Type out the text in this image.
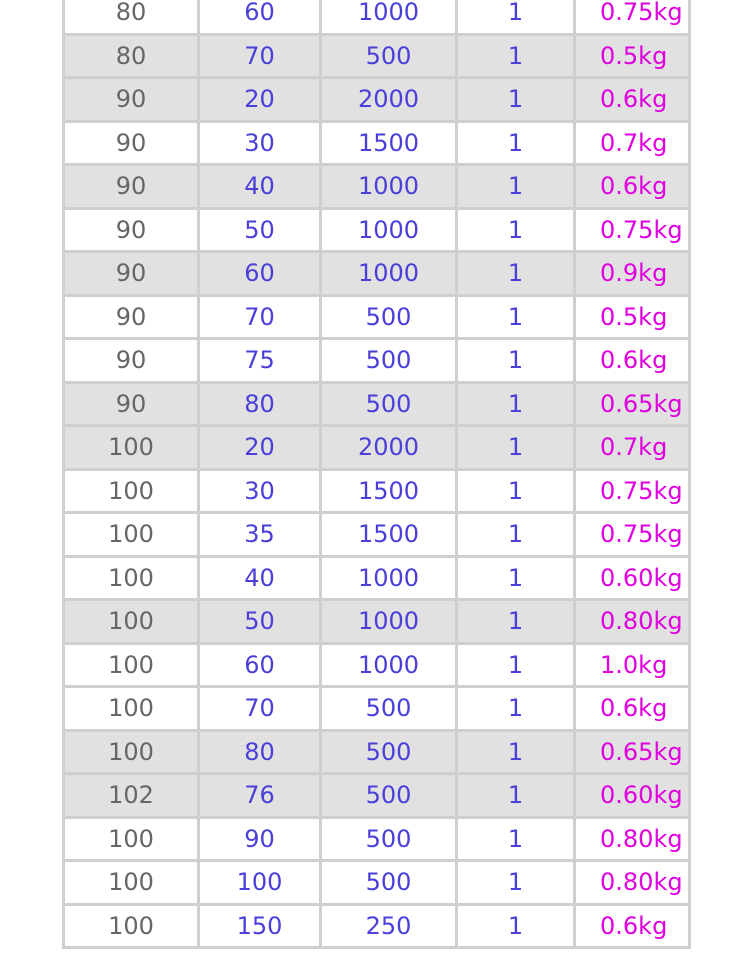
80	60	1000	1	0.75kg
80	70	500	1	0.5kg
90	20	2000	1	0.6kg
90	30	1500	1	0.7kg
90	40	1000	1	0.6kg
90	50	1000	1	0.75kg
90	60	1000	1	0.9kg
90	70	500	1	0.5kg
90	75	500	1	0.6kg
90	80	500	1	0.65kg
100	20	2000	1	0.7kg
100	30	1500	1	0.75kg
100	35	1500	1	0.75kg
100	40	1000	1	0.60kg
100	50	1000	1	0.80kg
100	60	1000	1	1.0kg
100	70	500	1	0.6kg
100	80	500	1	0.65kg
102	76	500	1	0.60kg
100	90	500	1	0.80kg
100	100	500	1	0.80kg
100	150	250	1	0.6kg
